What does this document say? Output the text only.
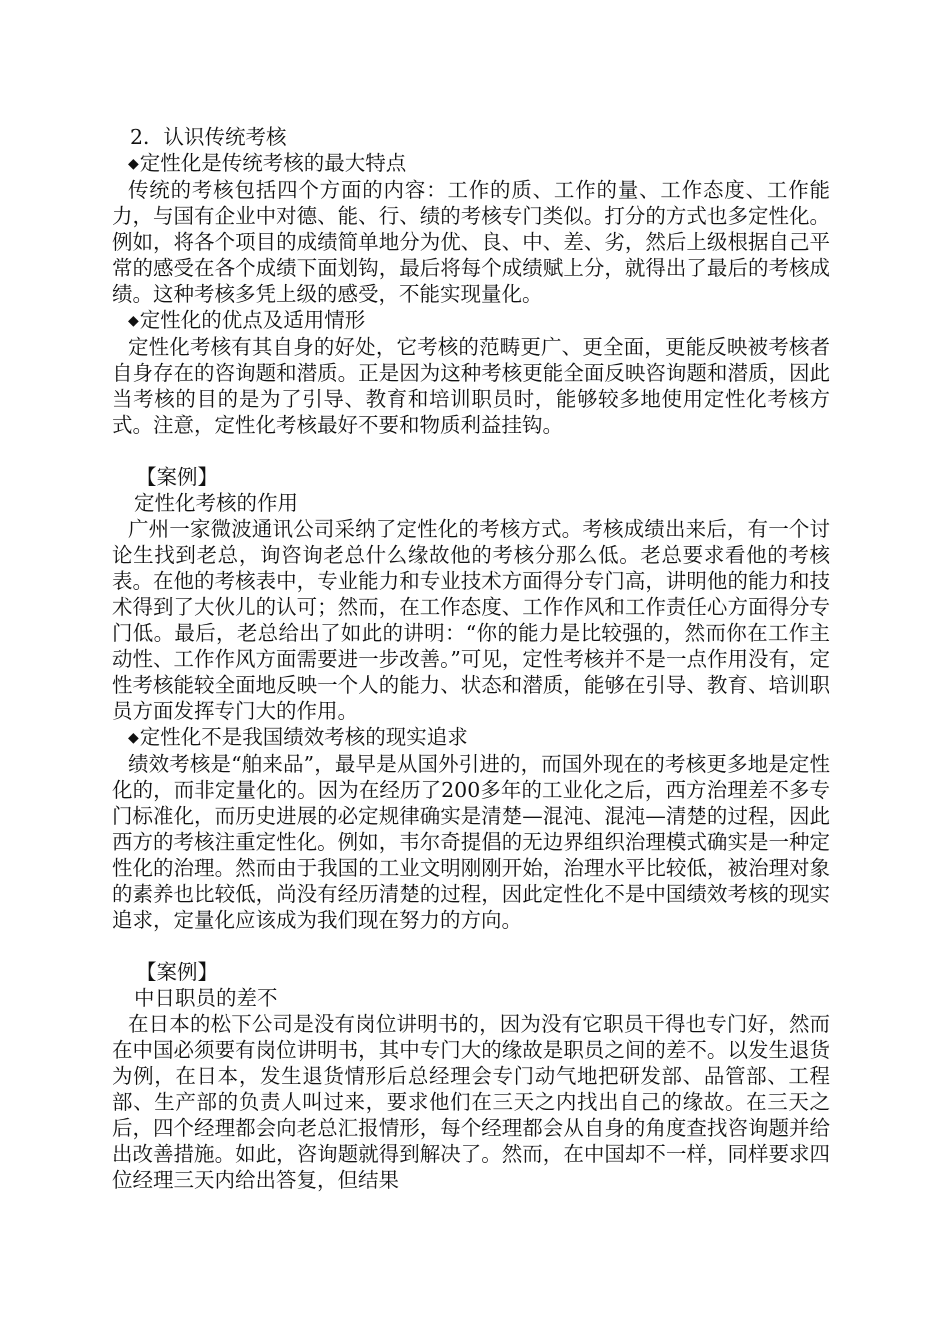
2．认识传统考核

◆定性化是传统考核的最大特点

传统的考核包括四个方面的内容：工作的质、工作的量、工作态度、工作能力，与国有企业中对德、能、行、绩的考核专门类似。打分的方式也多定性化。例如，将各个项目的成绩简单地分为优、良、中、差、劣，然后上级根据自己平常的感受在各个成绩下面划钩，最后将每个成绩赋上分，就得出了最后的考核成绩。这种考核多凭上级的感受，不能实现量化。

◆定性化的优点及适用情形

定性化考核有其自身的好处，它考核的范畴更广、更全面，更能反映被考核者自身存在的咨询题和潜质。正是因为这种考核更能全面反映咨询题和潜质，因此当考核的目的是为了引导、教育和培训职员时，能够较多地使用定性化考核方式。注意，定性化考核最好不要和物质利益挂钩。

【案例】

定性化考核的作用

广州一家微波通讯公司采纳了定性化的考核方式。考核成绩出来后，有一个讨论生找到老总，询咨询老总什么缘故他的考核分那么低。老总要求看他的考核表。在他的考核表中，专业能力和专业技术方面得分专门高，讲明他的能力和技术得到了大伙儿的认可；然而，在工作态度、工作作风和工作责任心方面得分专门低。最后，老总给出了如此的讲明：“你的能力是比较强的，然而你在工作主动性、工作作风方面需要进一步改善。”可见，定性考核并不是一点作用没有，定性考核能较全面地反映一个人的能力、状态和潜质，能够在引导、教育、培训职员方面发挥专门大的作用。

◆定性化不是我国绩效考核的现实追求

绩效考核是“舶来品”，最早是从国外引进的，而国外现在的考核更多地是定性化的，而非定量化的。因为在经历了200多年的工业化之后，西方治理差不多专门标准化，而历史进展的必定规律确实是清楚—混沌、混沌—清楚的过程，因此西方的考核注重定性化。例如，韦尔奇提倡的无边界组织治理模式确实是一种定性化的治理。然而由于我国的工业文明刚刚开始，治理水平比较低，被治理对象的素养也比较低，尚没有经历清楚的过程，因此定性化不是中国绩效考核的现实追求，定量化应该成为我们现在努力的方向。

【案例】

中日职员的差不

在日本的松下公司是没有岗位讲明书的，因为没有它职员干得也专门好，然而在中国必须要有岗位讲明书，其中专门大的缘故是职员之间的差不。以发生退货为例，在日本，发生退货情形后总经理会专门动气地把研发部、品管部、工程部、生产部的负责人叫过来，要求他们在三天之内找出自己的缘故。在三天之后，四个经理都会向老总汇报情形，每个经理都会从自身的角度查找咨询题并给出改善措施。如此，咨询题就得到解决了。然而，在中国却不一样，同样要求四位经理三天内给出答复，但结果
